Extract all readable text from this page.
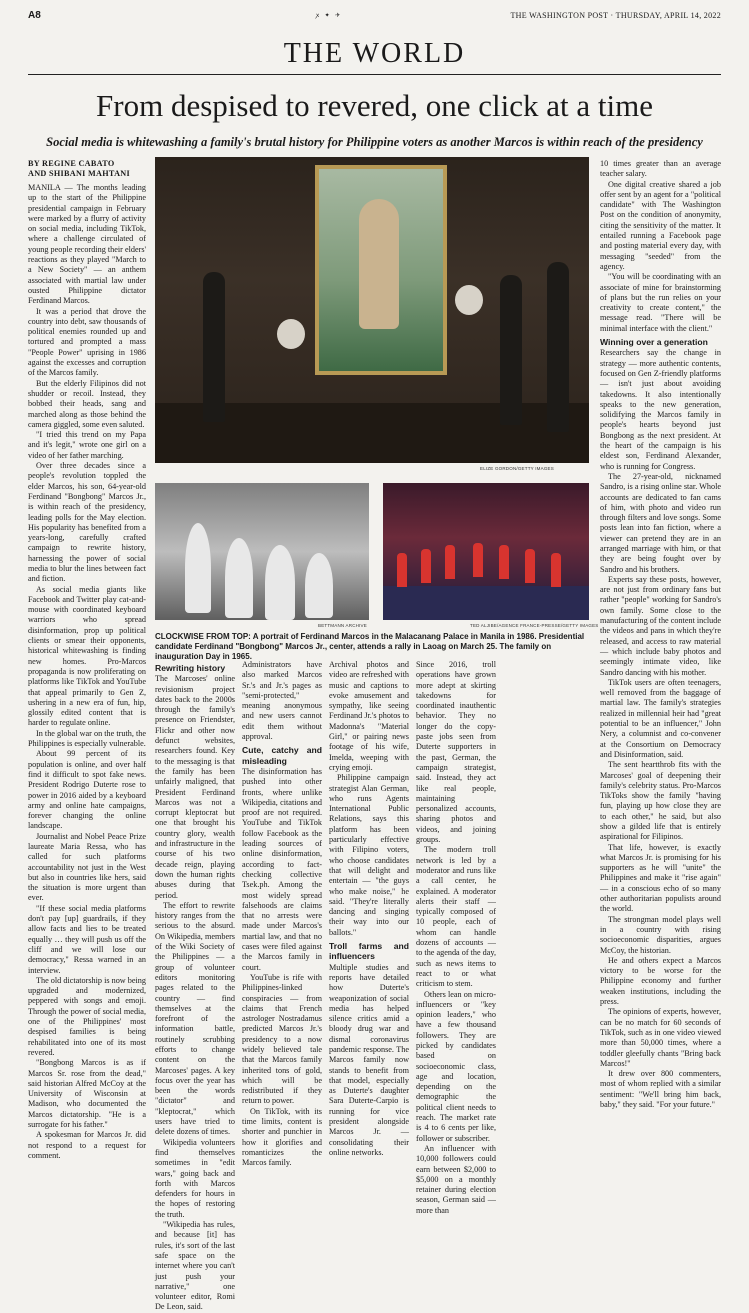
A8	ꭗ ✦ ✈	THE WASHINGTON POST · THURSDAY, APRIL 14, 2022
THE WORLD
From despised to revered, one click at a time
Social media is whitewashing a family's brutal history for Philippine voters as another Marcos is within reach of the presidency
BY REGINE CABATO
AND SHIBANI MAHTANI

MANILA — The months leading up to the start of the Philippine presidential campaign in February were marked by a flurry of activity on social media, including TikTok, where a challenge circulated of young people recording their elders' reactions as they played "March to a New Society" — an anthem associated with martial law under ousted Philippine dictator Ferdinand Marcos.

It was a period that drove the country into debt, saw thousands of political enemies rounded up and tortured and prompted a mass "People Power" uprising in 1986 against the excesses and corruption of the Marcos family.

But the elderly Filipinos did not shudder or recoil. Instead, they bobbed their heads, sang and marched along as those behind the camera giggled, some even saluted.

"I tried this trend on my Papa and it's legit," wrote one girl on a video of her father marching.

Over three decades since a people's revolution toppled the elder Marcos, his son, 64-year-old Ferdinand "Bongbong" Marcos Jr., is within reach of the presidency, leading polls for the May election. His popularity has benefited from a years-long, carefully crafted campaign to rewrite history, harnessing the power of social media to blur the lines between fact and fiction.

As social media giants like Facebook and Twitter play cat-and-mouse with coordinated keyboard warriors who spread disinformation, prop up political clients or smear their opponents, historical whitewashing is finding new homes. Pro-Marcos propaganda is now proliferating on platforms like TikTok and YouTube that appeal primarily to Gen Z, ushering in a new era of fun, hip, glossily edited content that is harder to regulate online.

In the global war on the truth, the Philippines is especially vulnerable.

About 99 percent of its population is online, and over half find it difficult to spot fake news. President Rodrigo Duterte rose to power in 2016 aided by a keyboard army and online hate campaigns, forever changing the online landscape.

Journalist and Nobel Peace Prize laureate Maria Ressa, who has called for such platforms accountability not just in the West but also in countries like hers, said the situation is more urgent than ever.

"If these social media platforms don't pay [up] guardrails, if they allow facts and lies to be treated equally … they will push us off the cliff and we will lose our democracy," Ressa warned in an interview.

The old dictatorship is now being upgraded and modernized, peppered with songs and emoji. Through the power of social media, one of the Philippines' most despised families is being rehabilitated into one of its most revered.

"Bongbong Marcos is as if Marcos Sr. rose from the dead," said historian Alfred McCoy at the University of Wisconsin at Madison, who documented the Marcos dictatorship. "He is a surrogate for his father."

A spokesman for Marcos Jr. did not respond to a request for comment.

ELIZE GORDON/GETTY IMAGES
BETTMANN ARCHIVE	TED ALJIBE/AGENCE FRANCE-PRESSE/GETTY IMAGES
CLOCKWISE FROM TOP: A portrait of Ferdinand Marcos in the Malacanang Palace in Manila in 1986. Presidential candidate Ferdinand "Bongbong" Marcos Jr., center, attends a rally in Laoag on March 25. The family on inauguration Day in 1965.
Rewriting history

The Marcoses' online revisionism project dates back to the 2000s through the family's presence on Friendster, Flickr and other now defunct websites, researchers found. Key to the messaging is that the family has been unfairly maligned, that President Ferdinand Marcos was not a corrupt kleptocrat but one that brought his country glory, wealth and infrastructure in the course of his two decade reign, playing down the human rights abuses during that period.

The effort to rewrite history ranges from the serious to the absurd. On Wikipedia, members of the Wiki Society of the Philippines — a group of volunteer editors monitoring pages related to the country — find themselves at the forefront of the information battle, routinely scrubbing efforts to change content on the Marcoses' pages. A key focus over the year has been the words "dictator" and "kleptocrat," which users have tried to delete dozens of times.

Wikipedia volunteers find themselves sometimes in "edit wars," going back and forth with Marcos defenders for hours in the hopes of restoring the truth.

"Wikipedia has rules, and because [it] has rules, it's sort of the last safe space on the internet where you can't just push your narrative," one volunteer editor, Romi De Leon, said.

Administrators have also marked Marcos Sr.'s and Jr.'s pages as "semi-protected," meaning anonymous and new users cannot edit them without approval.

Cute, catchy and misleading

The disinformation has pushed into other fronts, where unlike Wikipedia, citations and proof are not required. YouTube and TikTok follow Facebook as the leading sources of online disinformation, according to fact-checking collective Tsek.ph. Among the most widely spread falsehoods are claims that no arrests were made under Marcos's martial law, and that no cases were filed against the Marcos family in court.

YouTube is rife with Philippines-linked conspiracies — from claims that French astrologer Nostradamus predicted Marcos Jr.'s presidency to a now widely believed tale that the Marcos family inherited tons of gold, which will be redistributed if they return to power.

On TikTok, with its time limits, content is shorter and punchier in how it glorifies and romanticizes the Marcos family.

Archival photos and video are refreshed with music and captions to evoke amusement and sympathy, like seeing Ferdinand Jr.'s photos to Madonna's "Material Girl," or pairing news footage of his wife, Imelda, weeping with crying emoji.

Philippine campaign strategist Alan German, who runs Agents International Public Relations, says this platform has been particularly effective with Filipino voters, who choose candidates that will delight and entertain — "the guys who make noise," he said. "They're literally dancing and singing their way into our ballots."

Troll farms and influencers

Multiple studies and reports have detailed how Duterte's weaponization of social media has helped silence critics amid a bloody drug war and dismal coronavirus pandemic response. The Marcos family now stands to benefit from that model, especially as Duterte's daughter Sara Duterte-Carpio is running for vice president alongside Marcos Jr. — consolidating their online networks.

Since 2016, troll operations have grown more adept at skirting takedowns for coordinated inauthentic behavior. They no longer do the copy-paste jobs seen from Duterte supporters in the past, German, the campaign strategist, said. Instead, they act like real people, maintaining personalized accounts, sharing photos and videos, and joining groups.

The modern troll network is led by a moderator and runs like a call center, he explained. A moderator alerts their staff — typically composed of 10 people, each of whom can handle dozens of accounts — to the agenda of the day, such as news items to react to or what criticism to stem.

Others lean on micro-influencers or "key opinion leaders," who have a few thousand followers. They are picked by candidates based on socioeconomic class, age and location, depending on the demographic the political client needs to reach. The market rate is 4 to 6 cents per like, follower or subscriber.

An influencer with 10,000 followers could earn between $2,000 to $5,000 on a monthly retainer during election season, German said — more than

10 times greater than an average teacher salary.

One digital creative shared a job offer sent by an agent for a "political candidate" with The Washington Post on the condition of anonymity, citing the sensitivity of the matter. It entailed running a Facebook page and posting material every day, with messaging "seeded" from the agency.

"You will be coordinating with an associate of mine for brainstorming of plans but the run relies on your creativity to create content," the message read. "There will be minimal interface with the client."

Winning over a generation

Researchers say the change in strategy — more authentic contents, focused on Gen Z-friendly platforms — isn't just about avoiding takedowns. It also intentionally speaks to the new generation, solidifying the Marcos family in people's hearts beyond just Bongbong as the next president. At the heart of the campaign is his eldest son, Ferdinand Alexander, who is running for Congress.

The 27-year-old, nicknamed Sandro, is a rising online star. Whole accounts are dedicated to fan cams of him, with photo and video run through filters and love songs. Some posts lean into fan fiction, where a viewer can pretend they are in an arranged marriage with him, or that they are being fought over by Sandro and his brothers.

Experts say these posts, however, are not just from ordinary fans but rather "people" working for Sandro's own family. Some close to the manufacturing of the content include the videos and pans in which they're released, and access to raw material — which include baby photos and seemingly intimate video, like Sandro dancing with his mother.

TikTok users are often teenagers, well removed from the baggage of martial law. The family's strategies realized in millennial heir had "great potential to be an influencer," John Nery, a columnist and co-convener at the Consortium on Democracy and Disinformation, said.

The sent heartthrob fits with the Marcoses' goal of deepening their family's celebrity status. Pro-Marcos TikToks show the family "having fun, playing up how close they are to each other," he said, but also show a gilded life that is entirely aspirational for Filipinos.

That life, however, is exactly what Marcos Jr. is promising for his supporters as he will "unite" the Philippines and make it "rise again" — in a conscious echo of so many other authoritarian populists around the world.

The strongman model plays well in a country with rising socioeconomic disparities, argues McCoy, the historian.

He and others expect a Marcos victory to be worse for the Philippine economy and further weaken institutions, including the press.

The opinions of experts, however, can be no match for 60 seconds of TikTok, such as in one video viewed more than 50,000 times, where a toddler gleefully chants "Bring back Marcos!"

It drew over 800 commenters, most of whom replied with a similar sentiment: "We'll bring him back, baby," they said. "For your future."
